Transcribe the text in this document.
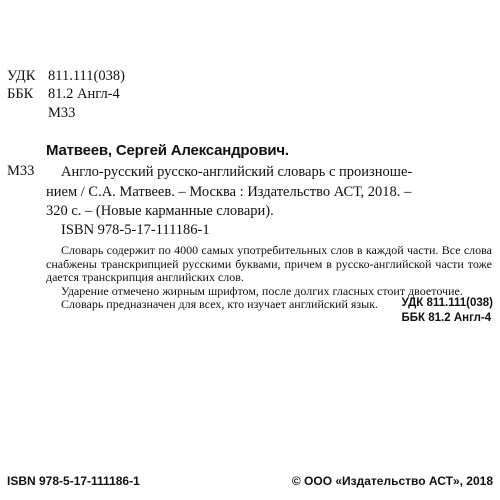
УДК 811.111(038)
ББК 81.2 Англ-4
М33
Матвеев, Сергей Александрович.
М33	Англо-русский русско-английский словарь с произноше-
нием / С.А. Матвеев. – Москва : Издательство АСТ, 2018. –
320 с. – (Новые карманные словари).
ISBN 978-5-17-111186-1

Словарь содержит по 4000 самых употребительных слов в каждой части. Все слова снабжены транскрипцией русскими буквами, причем в русско-английской части тоже дается транскрипция английских слов.

Ударение отмечено жирным шрифтом, после долгих гласных стоит двоеточие.

Словарь предназначен для всех, кто изучает английский язык.	УДК 811.111(038)
ББК 81.2 Англ-4
ISBN 978-5-17-111186-1	© ООО «Издательство АСТ», 2018
